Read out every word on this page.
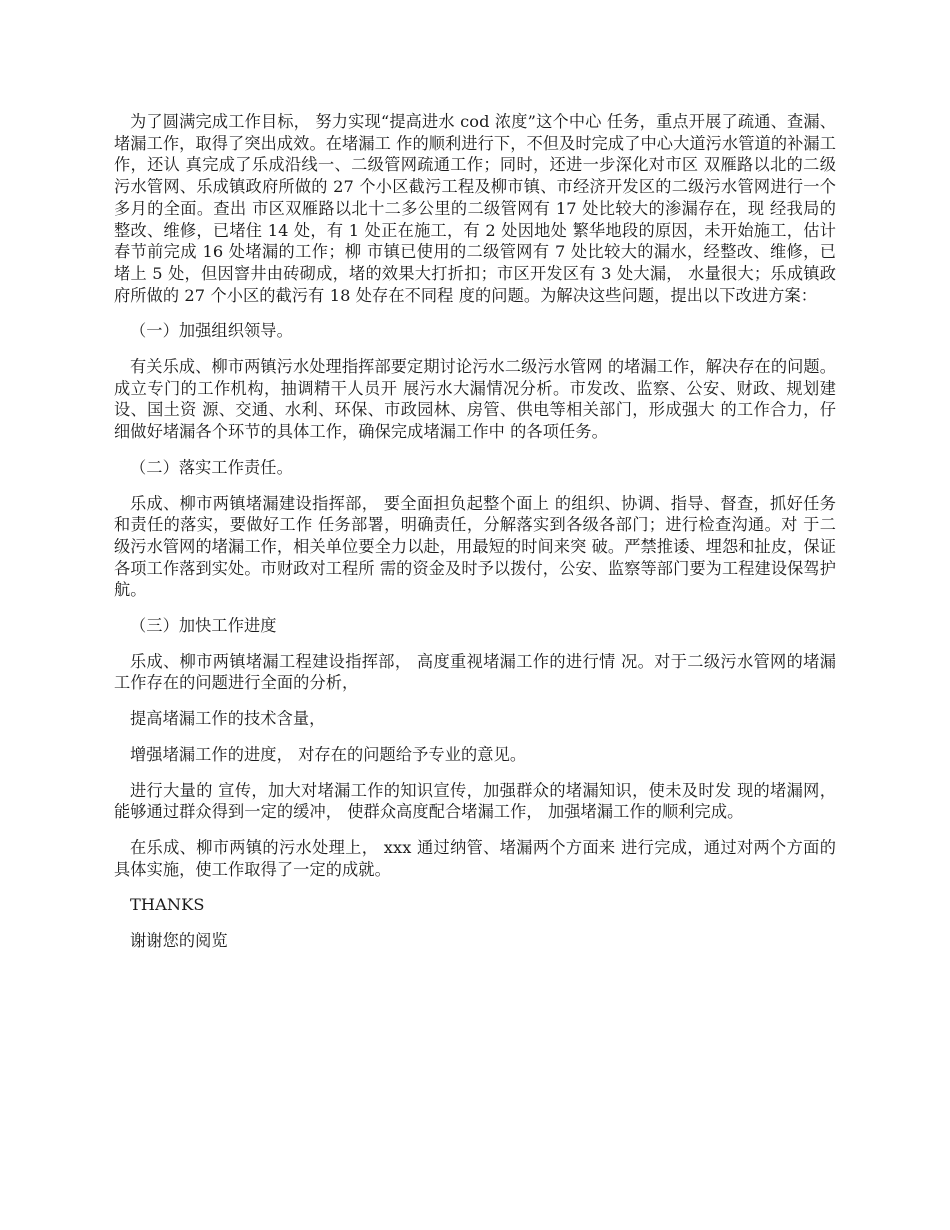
为了圆满完成工作目标， 努力实现“提高进水 cod 浓度”这个中心 任务，重点开展了疏通、查漏、堵漏工作，取得了突出成效。在堵漏工 作的顺利进行下，不但及时完成了中心大道污水管道的补漏工作，还认 真完成了乐成沿线一、二级管网疏通工作；同时，还进一步深化对市区 双雁路以北的二级污水管网、乐成镇政府所做的 27 个小区截污工程及柳市镇、市经济开发区的二级污水管网进行一个多月的全面。查出 市区双雁路以北十二多公里的二级管网有 17 处比较大的渗漏存在，现 经我局的整改、维修，已堵住 14 处，有 1 处正在施工，有 2 处因地处 繁华地段的原因，未开始施工，估计春节前完成 16 处堵漏的工作；柳 市镇已使用的二级管网有 7 处比较大的漏水，经整改、维修，已堵上 5 处，但因窨井由砖砌成，堵的效果大打折扣；市区开发区有 3 处大漏， 水量很大；乐成镇政府所做的 27 个小区的截污有 18 处存在不同程 度的问题。为解决这些问题，提出以下改进方案：

（一）加强组织领导。

有关乐成、柳市两镇污水处理指挥部要定期讨论污水二级污水管网 的堵漏工作，解决存在的问题。成立专门的工作机构，抽调精干人员开 展污水大漏情况分析。市发改、监察、公安、财政、规划建设、国土资 源、交通、水利、环保、市政园林、房管、供电等相关部门，形成强大 的工作合力，仔细做好堵漏各个环节的具体工作，确保完成堵漏工作中 的各项任务。

（二）落实工作责任。

乐成、柳市两镇堵漏建设指挥部， 要全面担负起整个面上 的组织、协调、指导、督查，抓好任务和责任的落实，要做好工作 任务部署，明确责任，分解落实到各级各部门；进行检查沟通。对 于二级污水管网的堵漏工作，相关单位要全力以赴，用最短的时间来突 破。严禁推诿、埋怨和扯皮，保证各项工作落到实处。市财政对工程所 需的资金及时予以拨付，公安、监察等部门要为工程建设保驾护航。

（三）加快工作进度

乐成、柳市两镇堵漏工程建设指挥部， 高度重视堵漏工作的进行情 况。对于二级污水管网的堵漏工作存在的问题进行全面的分析，

提高堵漏工作的技术含量，

增强堵漏工作的进度， 对存在的问题给予专业的意见。

进行大量的 宣传，加大对堵漏工作的知识宣传，加强群众的堵漏知识，使未及时发 现的堵漏网，能够通过群众得到一定的缓冲， 使群众高度配合堵漏工作， 加强堵漏工作的顺利完成。

在乐成、柳市两镇的污水处理上， xxx 通过纳管、堵漏两个方面来 进行完成，通过对两个方面的具体实施，使工作取得了一定的成就。

THANKS

谢谢您的阅览
